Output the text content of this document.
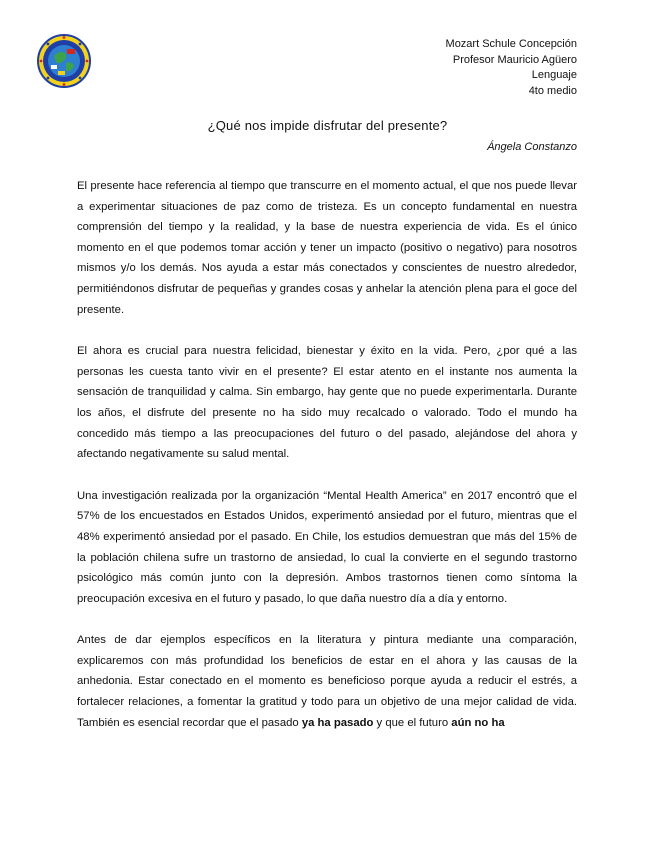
Mozart Schule Concepción
Profesor Mauricio Agüero
Lenguaje
4to medio
¿Qué nos impide disfrutar del presente?
Ángela Constanzo

El presente hace referencia al tiempo que transcurre en el momento actual, el que nos puede llevar a experimentar situaciones de paz como de tristeza. Es un concepto fundamental en nuestra comprensión del tiempo y la realidad, y la base de nuestra experiencia de vida. Es el único momento en el que podemos tomar acción y tener un impacto (positivo o negativo) para nosotros mismos y/o los demás. Nos ayuda a estar más conectados y conscientes de nuestro alrededor, permitiéndonos disfrutar de pequeñas y grandes cosas y anhelar la atención plena para el goce del presente.

El ahora es crucial para nuestra felicidad, bienestar y éxito en la vida. Pero, ¿por qué a las personas les cuesta tanto vivir en el presente? El estar atento en el instante nos aumenta la sensación de tranquilidad y calma. Sin embargo, hay gente que no puede experimentarla. Durante los años, el disfrute del presente no ha sido muy recalcado o valorado. Todo el mundo ha concedido más tiempo a las preocupaciones del futuro o del pasado, alejándose del ahora y afectando negativamente su salud mental.

Una investigación realizada por la organización “Mental Health America” en 2017 encontró que el 57% de los encuestados en Estados Unidos, experimentó ansiedad por el futuro, mientras que el 48% experimentó ansiedad por el pasado. En Chile, los estudios demuestran que más del 15% de la población chilena sufre un trastorno de ansiedad, lo cual la convierte en el segundo trastorno psicológico más común junto con la depresión. Ambos trastornos tienen como síntoma la preocupación excesiva en el futuro y pasado, lo que daña nuestro día a día y entorno.

Antes de dar ejemplos específicos en la literatura y pintura mediante una comparación, explicaremos con más profundidad los beneficios de estar en el ahora y las causas de la anhedonia. Estar conectado en el momento es beneficioso porque ayuda a reducir el estrés, a fortalecer relaciones, a fomentar la gratitud y todo para un objetivo de una mejor calidad de vida. También es esencial recordar que el pasado ya ha pasado y que el futuro aún no ha
